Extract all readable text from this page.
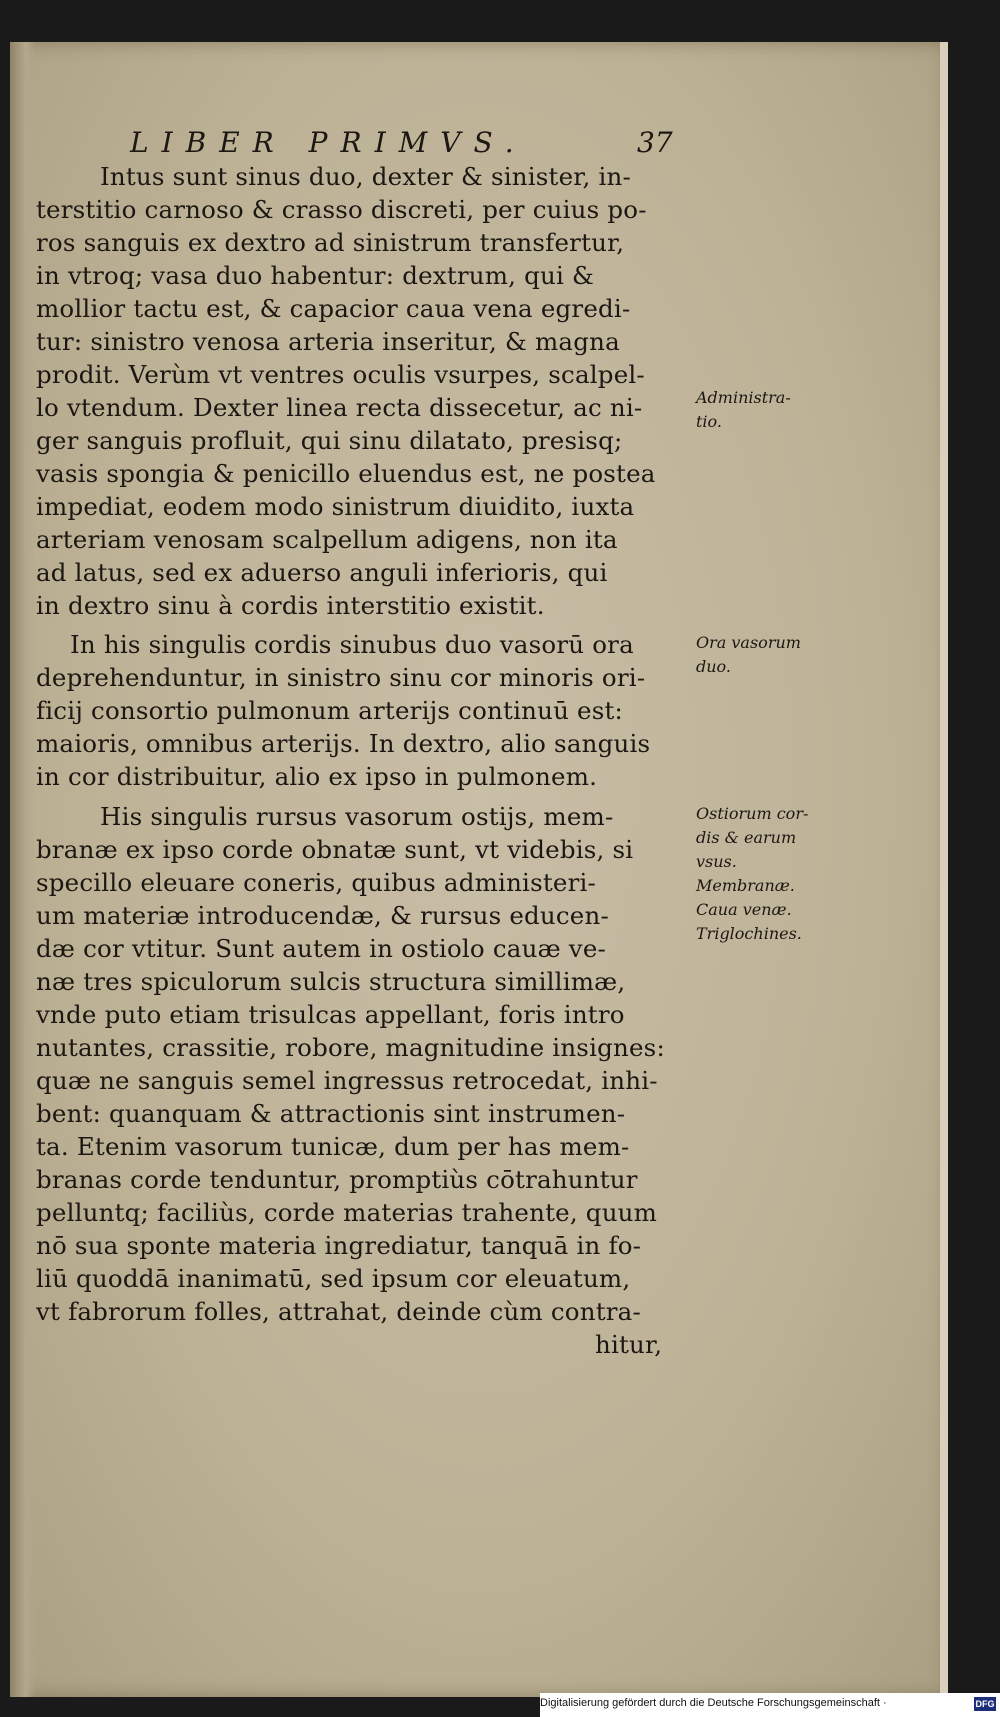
LIBER PRIMVS.	37
Intus sunt sinus duo, dexter & sinister, in-
terstitio carnoso & crasso discreti, per cuius po-
ros sanguis ex dextro ad sinistrum transfertur,
in vtroq; vasa duo habentur: dextrum, qui &
mollior tactu est, & capacior caua vena egredi-
tur: sinistro venosa arteria inseritur, & magna
prodit. Verùm vt ventres oculis vsurpes, scalpel-
lo vtendum. Dexter linea recta dissecetur, ac ni-
ger sanguis profluit, qui sinu dilatato, presisq;
vasis spongia & penicillo eluendus est, ne postea
impediat, eodem modo sinistrum diuidito, iuxta
arteriam venosam scalpellum adigens, non ita
ad latus, sed ex aduerso anguli inferioris, qui
in dextro sinu à cordis interstitio existit.
In his singulis cordis sinubus duo vasorū ora
deprehenduntur, in sinistro sinu cor minoris ori-
ficij consortio pulmonum arterijs continuū est:
maioris, omnibus arterijs. In dextro, alio sanguis
in cor distribuitur, alio ex ipso in pulmonem.
His singulis rursus vasorum ostijs, mem-
branæ ex ipso corde obnatæ sunt, vt videbis, si
specillo eleuare coneris, quibus administeri-
um materiæ introducendæ, & rursus educen-
dæ cor vtitur. Sunt autem in ostiolo cauæ ve-
næ tres spiculorum sulcis structura simillimæ,
vnde puto etiam trisulcas appellant, foris intro
nutantes, crassitie, robore, magnitudine insignes:
quæ ne sanguis semel ingressus retrocedat, inhi-
bent: quanquam & attractionis sint instrumen-
ta. Etenim vasorum tunicæ, dum per has mem-
branas corde tenduntur, promptiùs cōtrahuntur
pelluntq; faciliùs, corde materias trahente, quum
nō sua sponte materia ingrediatur, tanquā in fo-
liū quoddā inanimatū, sed ipsum cor eleuatum,
vt fabrorum folles, attrahat, deinde cùm contra-
hitur,
Administra-
tio.
Ora vasorum
duo.
Ostiorum cor-
dis & earum
vsus.
Membranæ.
Caua venæ.
Triglochines.
Digitalisierung gefördert durch die Deutsche Forschungsgemeinschaft ·	DFG
